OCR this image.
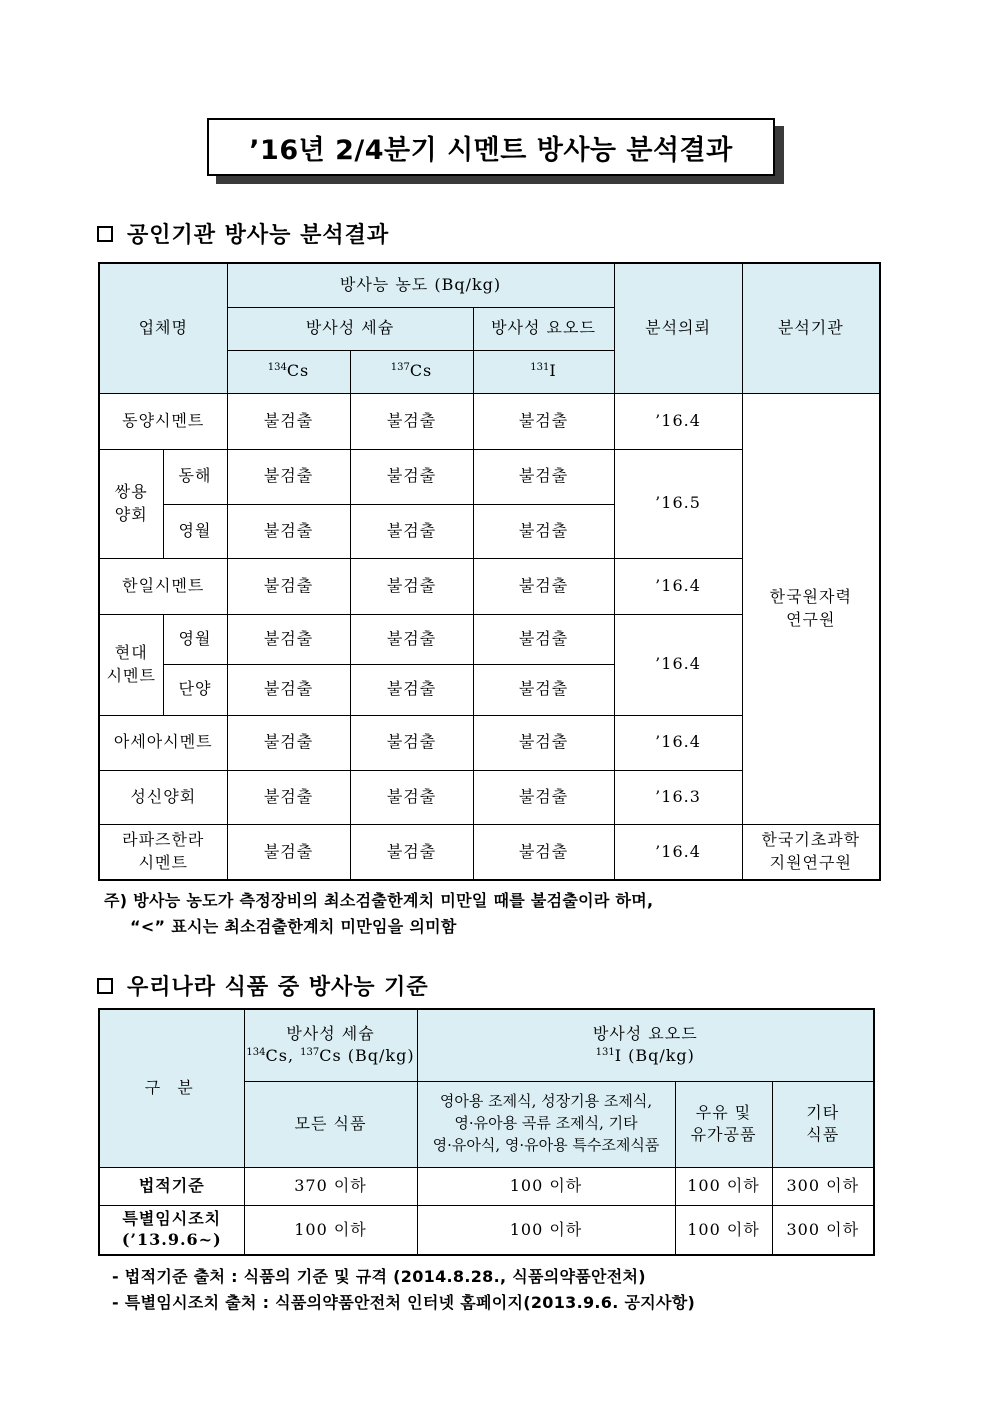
’16년 2/4분기 시멘트 방사능 분석결과
공인기관 방사능 분석결과
업체명		방사능 농도 (Bq/kg)			분석의뢰	분석기관
		방사성 세슘		방사성 요오드		
		$^{134}$Cs	$^{137}$Cs	$^{131}$I		
동양시멘트		불검출	불검출	불검출	’16.4	한국원자력
연구원
쌍용
양회	동해	불검출	불검출	불검출	’16.5	
	영월	불검출	불검출	불검출		
한일시멘트		불검출	불검출	불검출	’16.4	
현대
시멘트	영월	불검출	불검출	불검출	’16.4	
	단양	불검출	불검출	불검출		
아세아시멘트		불검출	불검출	불검출	’16.4	
성신양회		불검출	불검출	불검출	’16.3	
라파즈한라
시멘트		불검출	불검출	불검출	’16.4	한국기초과학
지원연구원
주) 방사능 농도가 측정장비의 최소검출한계치 미만일 때를 불검출이라 하며,
“<” 표시는 최소검출한계치 미만임을 의미함
우리나라 식품 중 방사능 기준
구 분	방사성 세슘
$^{134}$Cs, $^{137}$Cs (Bq/kg)	방사성 요오드
$^{131}$I (Bq/kg)		
	모든 식품	영아용 조제식, 성장기용 조제식,
영·유아용 곡류 조제식, 기타
영·유아식, 영·유아용 특수조제식품	우유 및
유가공품	기타
식품
법적기준	370 이하	100 이하	100 이하	300 이하
특별임시조치
(’13.9.6~)	100 이하	100 이하	100 이하	300 이하
- 법적기준 출처 : 식품의 기준 및 규격 (2014.8.28., 식품의약품안전처)
- 특별임시조치 출처 : 식품의약품안전처 인터넷 홈페이지(2013.9.6. 공지사항)
